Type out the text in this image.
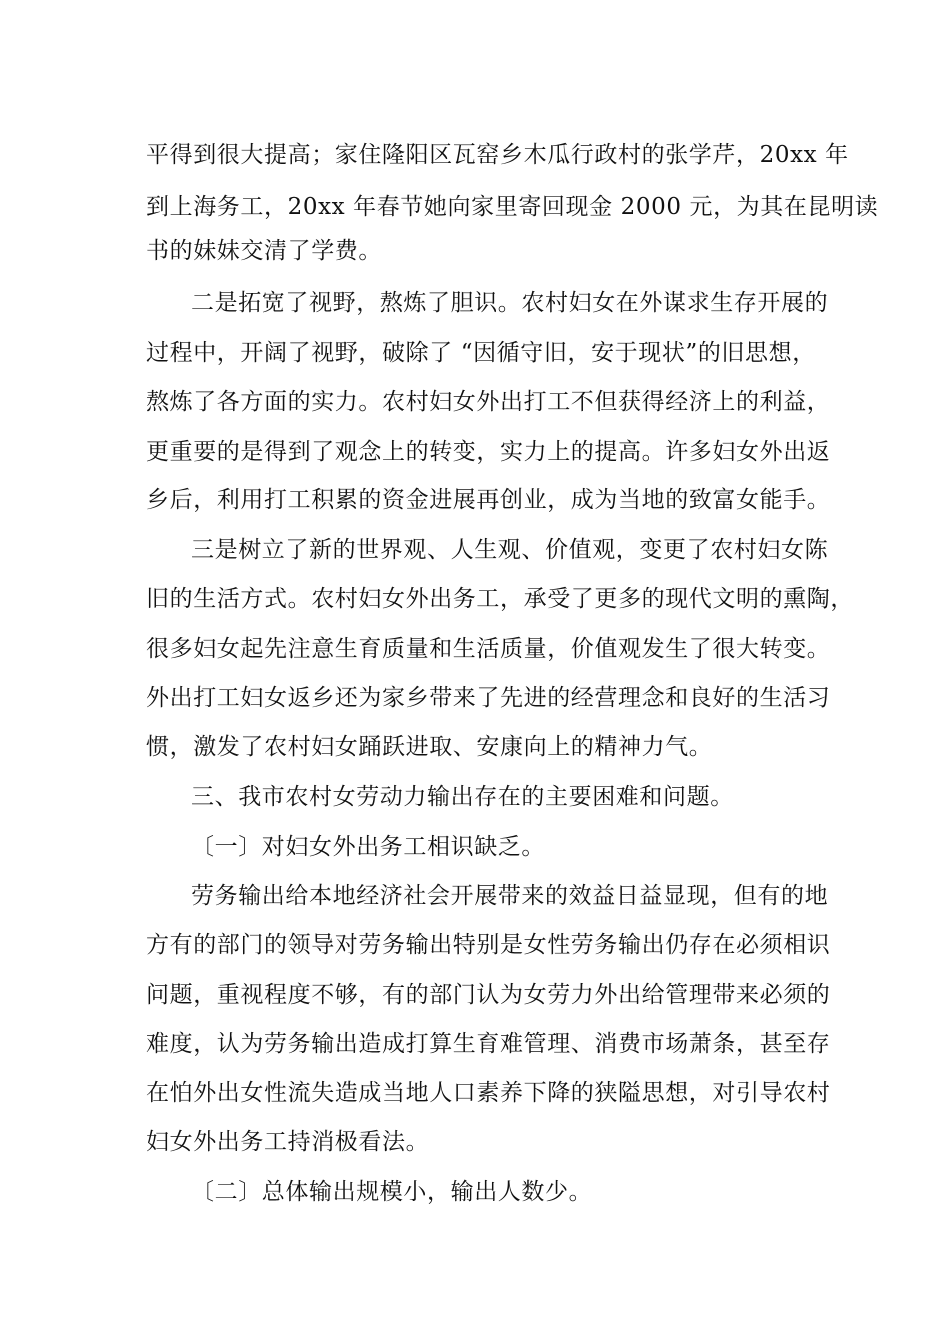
平得到很大提高；家住隆阳区瓦窑乡木瓜行政村的张学芹，20xx 年
到上海务工，20xx 年春节她向家里寄回现金 2000 元，为其在昆明读
书的妹妹交清了学费。
二是拓宽了视野，熬炼了胆识。农村妇女在外谋求生存开展的
过程中，开阔了视野，破除了 “因循守旧，安于现状”的旧思想，
熬炼了各方面的实力。农村妇女外出打工不但获得经济上的利益，
更重要的是得到了观念上的转变，实力上的提高。许多妇女外出返
乡后，利用打工积累的资金进展再创业，成为当地的致富女能手。
三是树立了新的世界观、人生观、价值观，变更了农村妇女陈
旧的生活方式。农村妇女外出务工，承受了更多的现代文明的熏陶，
很多妇女起先注意生育质量和生活质量，价值观发生了很大转变。
外出打工妇女返乡还为家乡带来了先进的经营理念和良好的生活习
惯，激发了农村妇女踊跃进取、安康向上的精神力气。
三、我市农村女劳动力输出存在的主要困难和问题。
〔一〕对妇女外出务工相识缺乏。
劳务输出给本地经济社会开展带来的效益日益显现，但有的地
方有的部门的领导对劳务输出特别是女性劳务输出仍存在必须相识
问题，重视程度不够，有的部门认为女劳力外出给管理带来必须的
难度，认为劳务输出造成打算生育难管理、消费市场萧条，甚至存
在怕外出女性流失造成当地人口素养下降的狭隘思想，对引导农村
妇女外出务工持消极看法。
〔二〕总体输出规模小，输出人数少。
